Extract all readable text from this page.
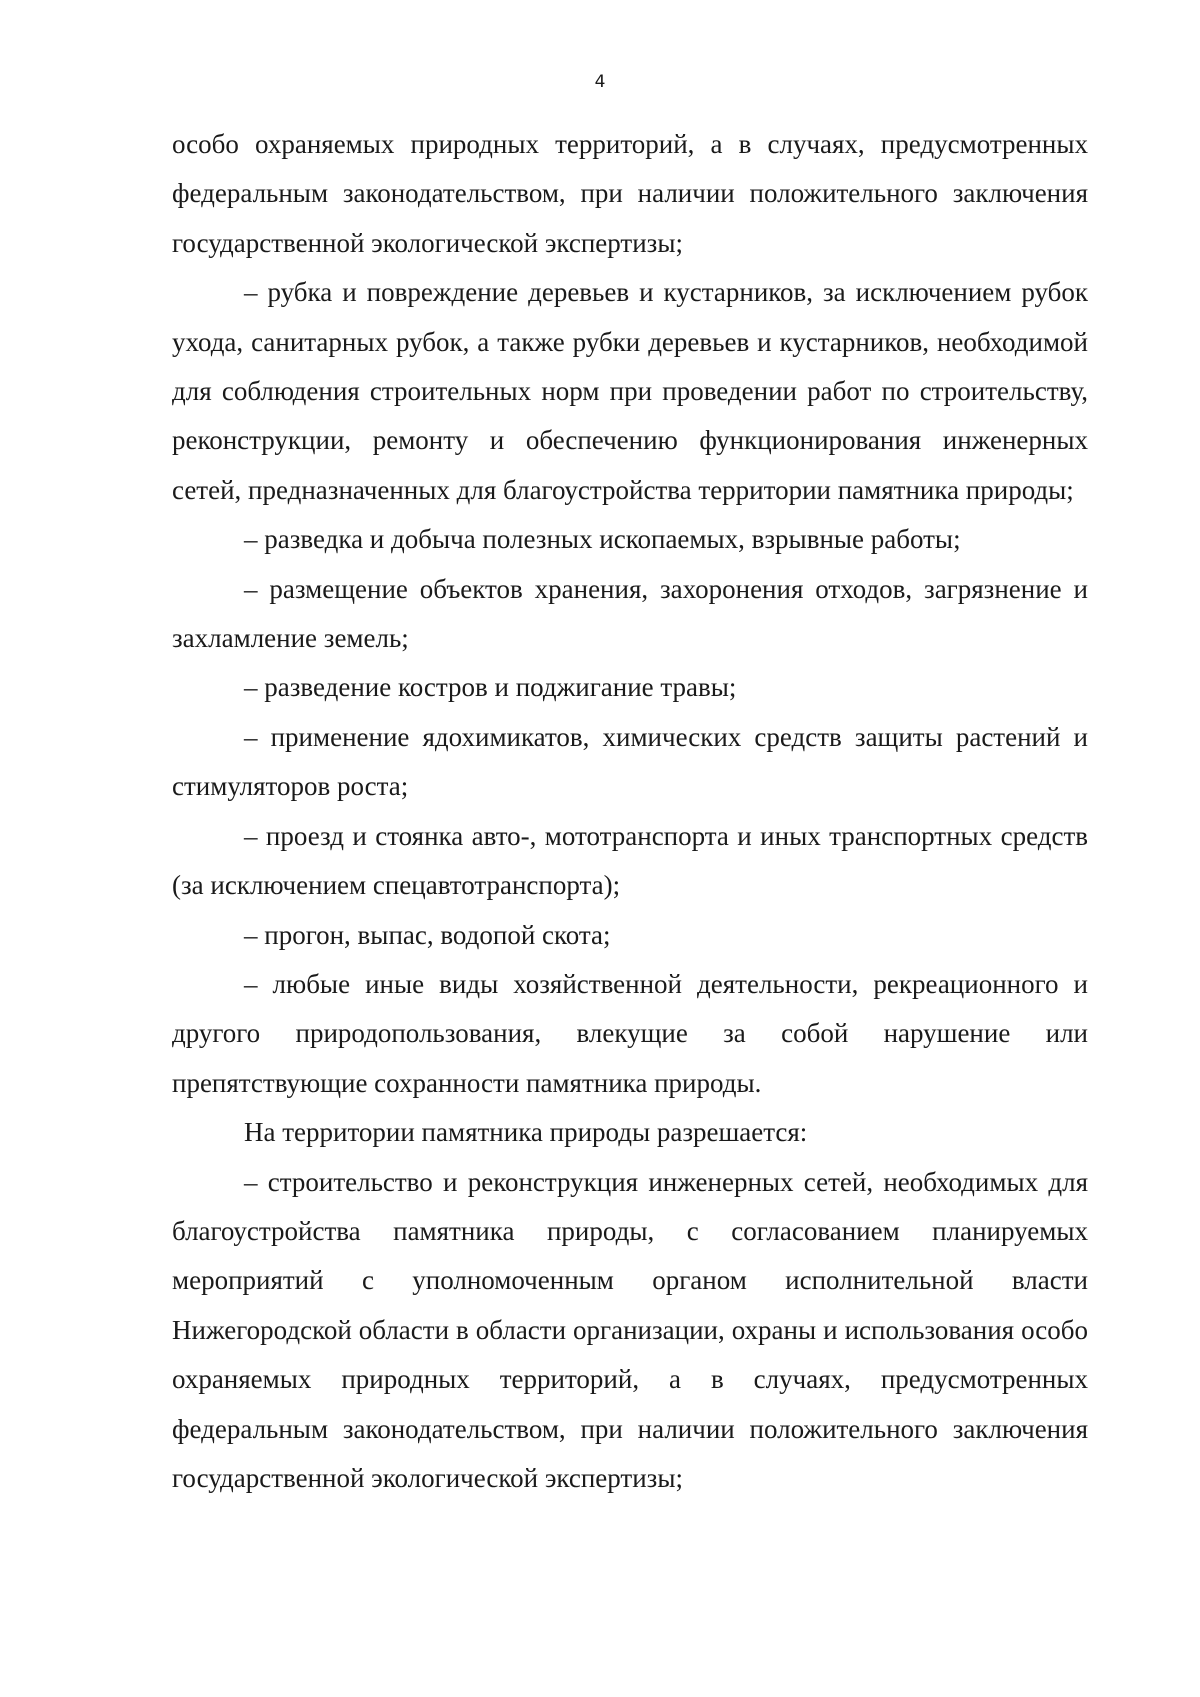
4

особо охраняемых природных территорий, а в случаях, предусмотренных федеральным законодательством, при наличии положительного заключения государственной экологической экспертизы;

– рубка и повреждение деревьев и кустарников, за исключением рубок ухода, санитарных рубок, а также рубки деревьев и кустарников, необходимой для соблюдения строительных норм при проведении работ по строительству, реконструкции, ремонту и обеспечению функционирования инженерных сетей, предназначенных для благоустройства территории памятника природы;

– разведка и добыча полезных ископаемых, взрывные работы;

– размещение объектов хранения, захоронения отходов, загрязнение и захламление земель;

– разведение костров и поджигание травы;

– применение ядохимикатов, химических средств защиты растений и стимуляторов роста;

– проезд и стоянка авто-, мототранспорта и иных транспортных средств (за исключением спецавтотранспорта);

– прогон, выпас, водопой скота;

– любые иные виды хозяйственной деятельности, рекреационного и другого природопользования, влекущие за собой нарушение или препятствующие сохранности памятника природы.

На территории памятника природы разрешается:

– строительство и реконструкция инженерных сетей, необходимых для благоустройства памятника природы, с согласованием планируемых мероприятий с уполномоченным органом исполнительной власти Нижегородской области в области организации, охраны и использования особо охраняемых природных территорий, а в случаях, предусмотренных федеральным законодательством, при наличии положительного заключения государственной экологической экспертизы;
